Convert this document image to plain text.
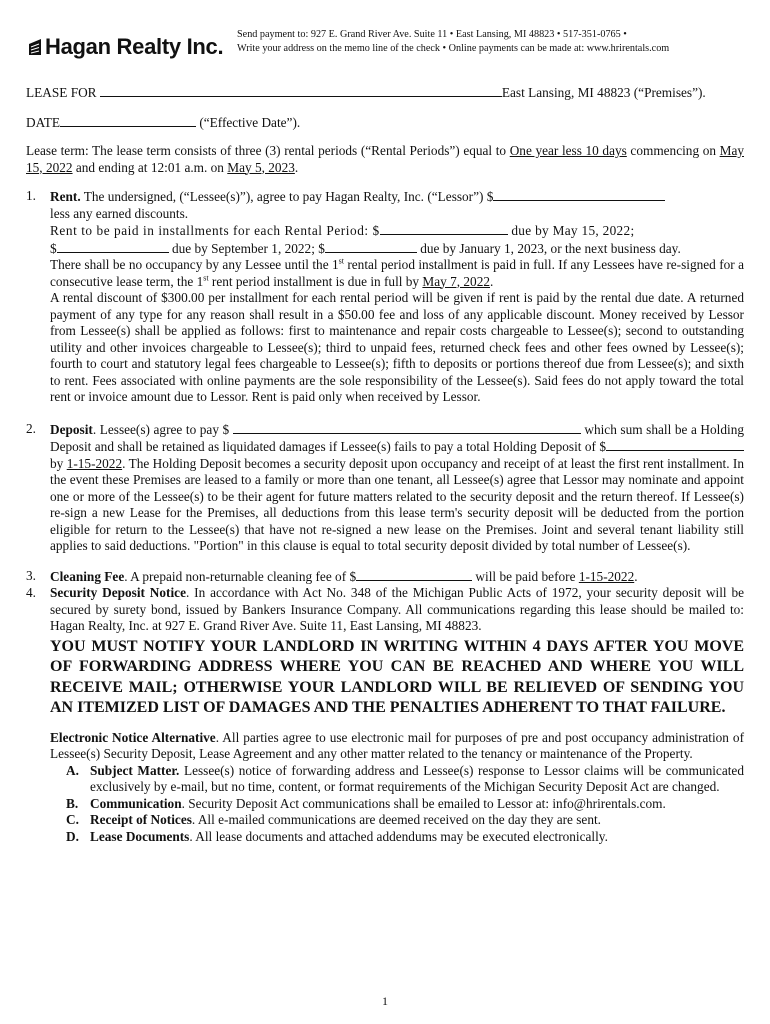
Hagan Realty Inc. Send payment to: 927 E. Grand River Ave. Suite 11 • East Lansing, MI 48823 • 517-351-0765 •
Write your address on the memo line of the check • Online payments can be made at: www.hrirentals.com

LEASE FOR	East Lansing, MI 48823 (“Premises”).

DATE	(“Effective Date”).

Lease term: The lease term consists of three (3) rental periods (“Rental Periods”) equal to One year less 10 days commencing on May 15, 2022 and ending at 12:01 a.m. on May 5, 2023.

1. Rent. The undersigned, (“Lessee(s)”), agree to pay Hagan Realty, Inc. (“Lessor”) $
less any earned discounts.
Rent to be paid in installments for each Rental Period: $	due by May 15, 2022;
$	due by September 1, 2022; $	due by January 1, 2023, or the next business day.
There shall be no occupancy by any Lessee until the 1st rental period installment is paid in full. If any Lessees have re-signed for a consecutive lease term, the 1st rent period installment is due in full by May 7, 2022.
A rental discount of $300.00 per installment for each rental period will be given if rent is paid by the rental due date. A returned payment of any type for any reason shall result in a $50.00 fee and loss of any applicable discount. Money received by Lessor from Lessee(s) shall be applied as follows: first to maintenance and repair costs chargeable to Lessee(s); second to outstanding utility and other invoices chargeable to Lessee(s); third to unpaid fees, returned check fees and other fees owned by Lessee(s); fourth to court and statutory legal fees chargeable to Lessee(s); fifth to deposits or portions thereof due from Lessee(s); and sixth to rent. Fees associated with online payments are the sole responsibility of the Lessee(s). Said fees do not apply toward the total rent or invoice amount due to Lessor. Rent is paid only when received by Lessor.
2. Deposit. Lessee(s) agree to pay $	which sum shall be a Holding Deposit and shall be retained as liquidated damages if Lessee(s) fails to pay a total Holding Deposit of $ by 1-15-2022. The Holding Deposit becomes a security deposit upon occupancy and receipt of at least the first rent installment. In the event these Premises are leased to a family or more than one tenant, all Lessee(s) agree that Lessor may nominate and appoint one or more of the Lessee(s) to be their agent for future matters related to the security deposit and the return thereof. If Lessee(s) re-sign a new Lease for the Premises, all deductions from this lease term's security deposit will be deducted from the portion eligible for return to the Lessee(s) that have not re-signed a new lease on the Premises. Joint and several tenant liability still applies to said deductions. "Portion" in this clause is equal to total security deposit divided by total number of Lessee(s).
3. Cleaning Fee. A prepaid non-returnable cleaning fee of $	will be paid before 1-15-2022.
4. Security Deposit Notice. In accordance with Act No. 348 of the Michigan Public Acts of 1972, your security deposit will be secured by surety bond, issued by Bankers Insurance Company. All communications regarding this lease should be mailed to: Hagan Realty, Inc. at 927 E. Grand River Ave. Suite 11, East Lansing, MI 48823.
YOU MUST NOTIFY YOUR LANDLORD IN WRITING WITHIN 4 DAYS AFTER YOU MOVE OF FORWARDING ADDRESS WHERE YOU CAN BE REACHED AND WHERE YOU WILL RECEIVE MAIL; OTHERWISE YOUR LANDLORD WILL BE RELIEVED OF SENDING YOU AN ITEMIZED LIST OF DAMAGES AND THE PENALTIES ADHERENT TO THAT FAILURE.
Electronic Notice Alternative. All parties agree to use electronic mail for purposes of pre and post occupancy administration of Lessee(s) Security Deposit, Lease Agreement and any other matter related to the tenancy or maintenance of the Property.
A. Subject Matter. Lessee(s) notice of forwarding address and Lessee(s) response to Lessor claims will be communicated exclusively by e-mail, but no time, content, or format requirements of the Michigan Security Deposit Act are changed.
B. Communication. Security Deposit Act communications shall be emailed to Lessor at: info@hrirentals.com.
C. Receipt of Notices. All e-mailed communications are deemed received on the day they are sent.
D. Lease Documents. All lease documents and attached addendums may be executed electronically.
1
